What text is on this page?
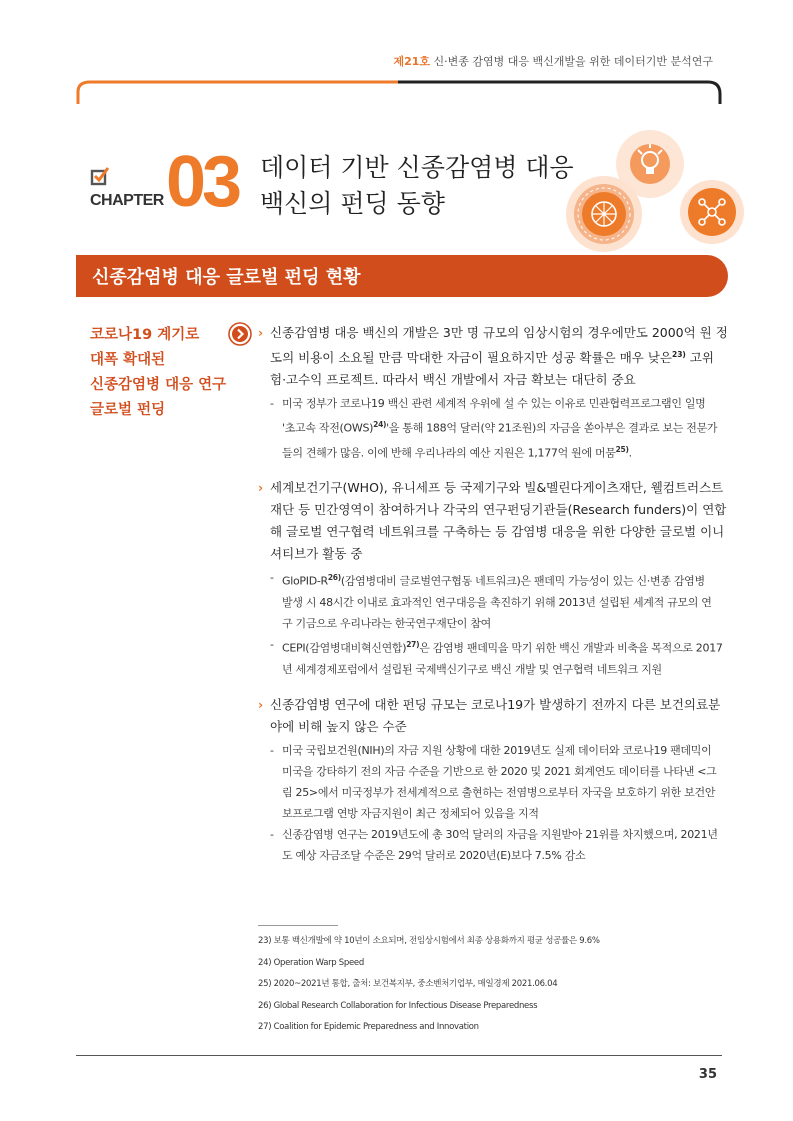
제21호 신·변종 감염병 대응 백신개발을 위한 데이터기반 분석연구
CHAPTER 03 데이터 기반 신종감염병 대응
백신의 펀딩 동향
신종감염병 대응 글로벌 펀딩 현황
코로나19 계기로
대폭 확대된
신종감염병 대응 연구
글로벌 펀딩
› 신종감염병 대응 백신의 개발은 3만 명 규모의 임상시험의 경우에만도 2000억 원 정
도의 비용이 소요될 만큼 막대한 자금이 필요하지만 성공 확률은 매우 낮은$^{23)}$ 고위
험·고수익 프로젝트. 따라서 백신 개발에서 자금 확보는 대단히 중요
- 미국 정부가 코로나19 백신 관련 세계적 우위에 설 수 있는 이유로 민관협력프로그램인 일명
'초고속 작전(OWS)$^{24)}$'을 통해 188억 달러(약 21조원)의 자금을 쏟아부은 결과로 보는 전문가
들의 견해가 많음. 이에 반해 우리나라의 예산 지원은 1,177억 원에 머뭄$^{25)}$.
› 세계보건기구(WHO), 유니세프 등 국제기구와 빌&멜린다게이츠재단, 웰컴트러스트
재단 등 민간영역이 참여하거나 각국의 연구펀딩기관들(Research funders)이 연합
해 글로벌 연구협력 네트워크를 구축하는 등 감염병 대응을 위한 다양한 글로벌 이니
셔티브가 활동 중
- GloPID-$R^{26)}$(감염병대비 글로벌연구협동 네트워크)은 팬데믹 가능성이 있는 신·변종 감염병
발생 시 48시간 이내로 효과적인 연구대응을 촉진하기 위해 2013년 설립된 세계적 규모의 연
구 기금으로 우리나라는 한국연구재단이 참여
- CEPI(감염병대비혁신연합)$^{27)}$은 감염병 팬데믹을 막기 위한 백신 개발과 비축을 목적으로 2017
년 세계경제포럼에서 설립된 국제백신기구로 백신 개발 및 연구협력 네트워크 지원
› 신종감염병 연구에 대한 펀딩 규모는 코로나19가 발생하기 전까지 다른 보건의료분
야에 비해 높지 않은 수준
- 미국 국립보건원(NIH)의 자금 지원 상황에 대한 2019년도 실제 데이터와 코로나19 팬데믹이
미국을 강타하기 전의 자금 수준을 기반으로 한 2020 및 2021 회계연도 데이터를 나타낸 <그
림 25>에서 미국정부가 전세계적으로 출현하는 전염병으로부터 자국을 보호하기 위한 보건안
보프로그램 연방 자금지원이 최근 정체되어 있음을 지적
- 신종감염병 연구는 2019년도에 총 30억 달러의 자금을 지원받아 21위를 차지했으며, 2021년
도 예상 자금조달 수준은 29억 달러로 2020년(E)보다 7.5% 감소
23) 보통 백신개발에 약 10년이 소요되며, 전임상시험에서 최종 상용화까지 평균 성공률은 9.6%
24) Operation Warp Speed
25) 2020~2021년 통합, 출처: 보건복지부, 중소벤처기업부, 매일경제 2021.06.04
26) Global Research Collaboration for Infectious Disease Preparedness
27) Coalition for Epidemic Preparedness and Innovation
35
